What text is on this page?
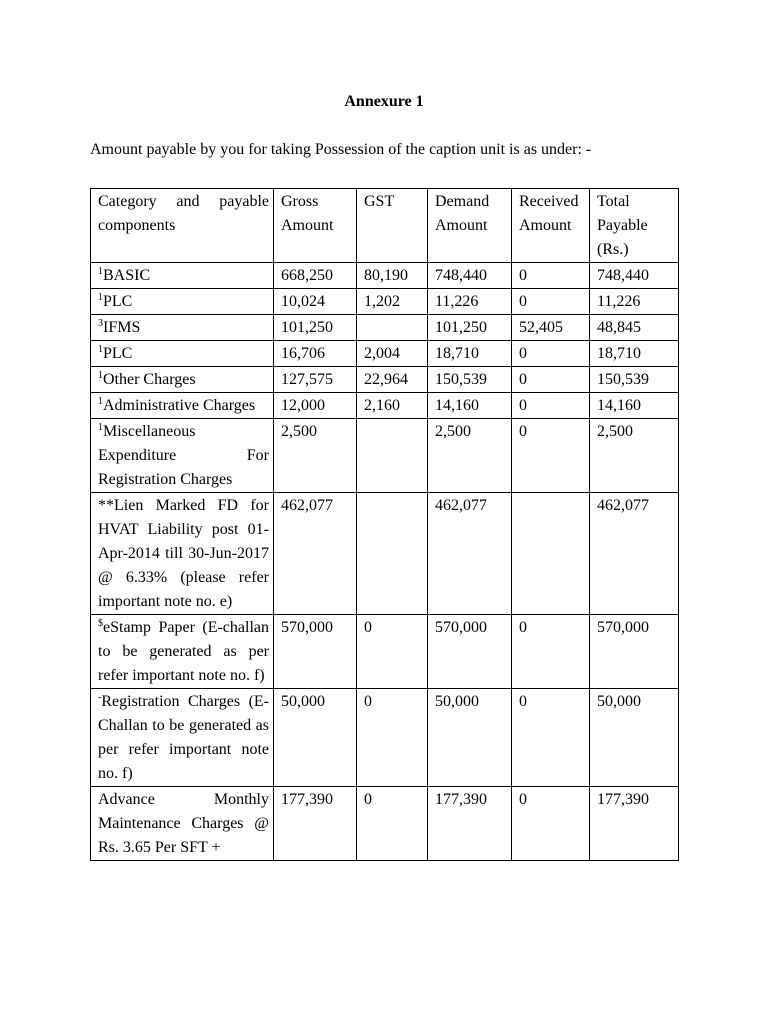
Annexure 1
Amount payable by you for taking Possession of the caption unit is as under: -
Category and payable components	Gross Amount	GST	Demand Amount	Received Amount	Total Payable (Rs.)
$^1$BASIC	668,250	80,190	748,440	0	748,440
$^1$PLC	10,024	1,202	11,226	0	11,226
$^3$IFMS	101,250		101,250	52,405	48,845
$^1$PLC	16,706	2,004	18,710	0	18,710
$^1$Other Charges	127,575	22,964	150,539	0	150,539
$^1$Administrative Charges	12,000	2,160	14,160	0	14,160
$^1$Miscellaneous Expenditure For Registration Charges	2,500		2,500	0	2,500
**Lien Marked FD for HVAT Liability post 01-Apr-2014 till 30-Jun-2017 @ 6.33% (please refer important note no. e)	462,077		462,077		462,077
$eStamp Paper (E-challan to be generated as per refer important note no. f)	570,000	0	570,000	0	570,000
-Registration Charges (E-Challan to be generated as per refer important note no. f)	50,000	0	50,000	0	50,000
Advance Monthly Maintenance Charges @ Rs. 3.65 Per SFT +	177,390	0	177,390	0	177,390
